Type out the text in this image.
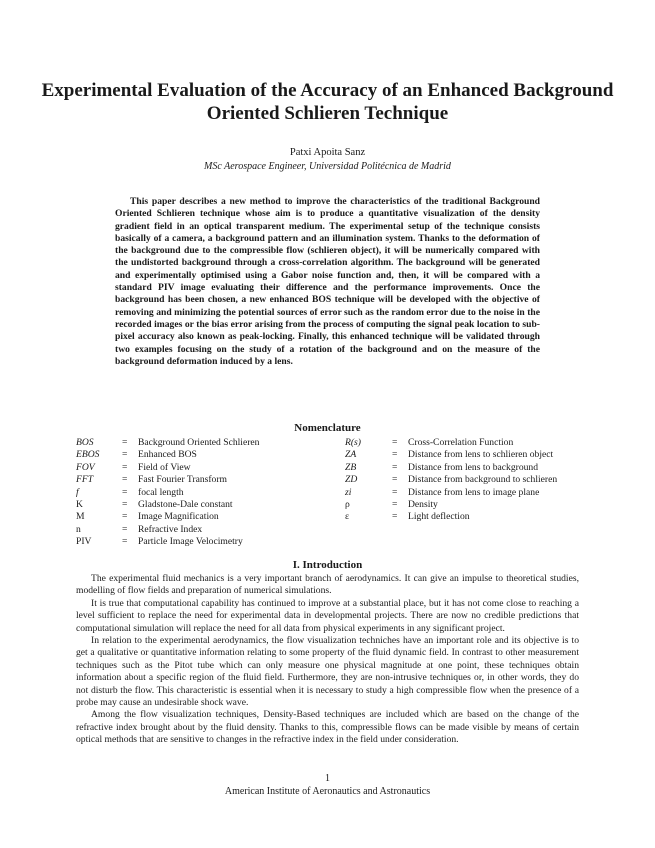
Experimental Evaluation of the Accuracy of an Enhanced Background Oriented Schlieren Technique
Patxi Apoita Sanz
MSc Aerospace Engineer, Universidad Politécnica de Madrid

This paper describes a new method to improve the characteristics of the traditional Background Oriented Schlieren technique whose aim is to produce a quantitative visualization of the density gradient field in an optical transparent medium. The experimental setup of the technique consists basically of a camera, a background pattern and an illumination system. Thanks to the deformation of the background due to the compressible flow (schlieren object), it will be numerically compared with the undistorted background through a cross-correlation algorithm. The background will be generated and experimentally optimised using a Gabor noise function and, then, it will be compared with a standard PIV image evaluating their difference and the performance improvements. Once the background has been chosen, a new enhanced BOS technique will be developed with the objective of removing and minimizing the potential sources of error such as the random error due to the noise in the recorded images or the bias error arising from the process of computing the signal peak location to sub-pixel accuracy also known as peak-locking. Finally, this enhanced technique will be validated through two examples focusing on the study of a rotation of the background and on the measure of the background deformation induced by a lens.

Nomenclature
BOS	= Background Oriented Schlieren
EBOS = Enhanced BOS
FOV	= Field of View
FFT	= Fast Fourier Transform
f	= focal length
K	= Gladstone-Dale constant
M	= Image Magnification
n	= Refractive Index
PIV	= Particle Image Velocimetry
R(s)	= Cross-Correlation Function
ZA	= Distance from lens to schlieren object
ZB	= Distance from lens to background
ZD	= Distance from background to schlieren
zi	= Distance from lens to image plane
ρ	= Density
ε	= Light deflection
I. Introduction

The experimental fluid mechanics is a very important branch of aerodynamics. It can give an impulse to theoretical studies, modelling of flow fields and preparation of numerical simulations.

It is true that computational capability has continued to improve at a substantial place, but it has not come close to reaching a level sufficient to replace the need for experimental data in developmental projects. There are now no credible predictions that computational simulation will replace the need for all data from physical experiments in any significant project.

In relation to the experimental aerodynamics, the flow visualization techniches have an important role and its objective is to get a qualitative or quantitative information relating to some property of the fluid dynamic field. In contrast to other measurement techniques such as the Pitot tube which can only measure one physical magnitude at one point, these techniques obtain information about a specific region of the fluid field. Furthermore, they are non-intrusive techniques or, in other words, they do not disturb the flow. This characteristic is essential when it is necessary to study a high compressible flow when the presence of a probe may cause an undesirable shock wave.

Among the flow visualization techniques, Density-Based techniques are included which are based on the change of the refractive index brought about by the fluid density. Thanks to this, compressible flows can be made visible by means of certain optical methods that are sensitive to changes in the refractive index in the field under consideration.

1
American Institute of Aeronautics and Astronautics
